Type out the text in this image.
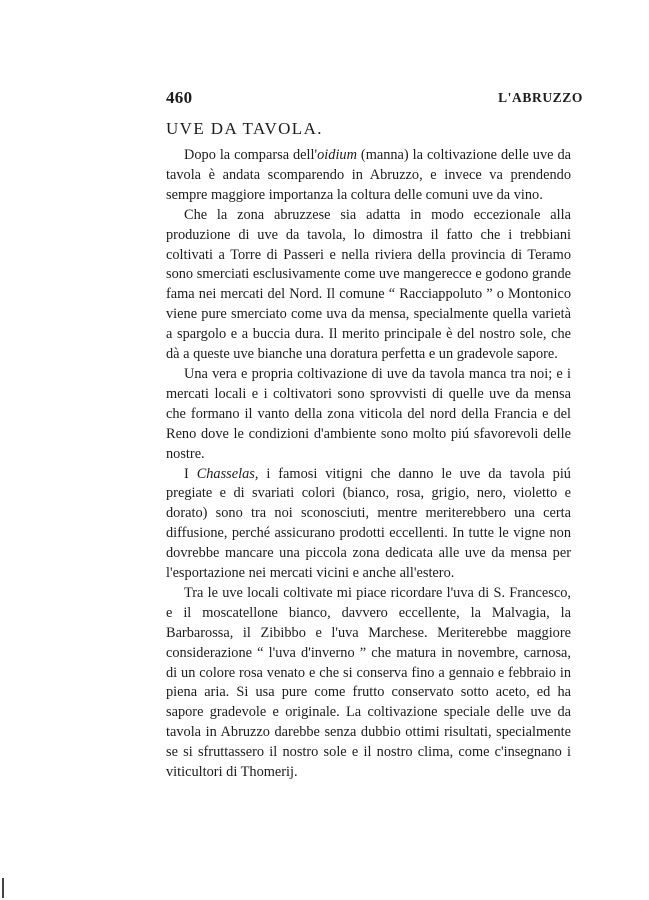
460	L'ABRUZZO
UVE DA TAVOLA.

Dopo la comparsa dell'oidium (manna) la coltivazione delle uve da tavola è andata scomparendo in Abruzzo, e invece va prendendo sempre maggiore importanza la coltura delle comuni uve da vino.

Che la zona abruzzese sia adatta in modo eccezionale alla produzione di uve da tavola, lo dimostra il fatto che i trebbiani coltivati a Torre di Passeri e nella riviera della provincia di Teramo sono smerciati esclusivamente come uve mangerecce e godono grande fama nei mercati del Nord. Il comune “ Racciappoluto ” o Montonico viene pure smerciato come uva da mensa, specialmente quella varietà a spargolo e a buccia dura. Il merito principale è del nostro sole, che dà a queste uve bianche una doratura perfetta e un gradevole sapore.

Una vera e propria coltivazione di uve da tavola manca tra noi; e i mercati locali e i coltivatori sono sprovvisti di quelle uve da mensa che formano il vanto della zona viticola del nord della Francia e del Reno dove le condizioni d'ambiente sono molto piú sfavorevoli delle nostre.

I Chasselas, i famosi vitigni che danno le uve da tavola piú pregiate e di svariati colori (bianco, rosa, grigio, nero, violetto e dorato) sono tra noi sconosciuti, mentre meriterebbero una certa diffusione, perché assicurano prodotti eccellenti. In tutte le vigne non dovrebbe mancare una piccola zona dedicata alle uve da mensa per l'esportazione nei mercati vicini e anche all'estero.

Tra le uve locali coltivate mi piace ricordare l'uva di S. Francesco, e il moscatellone bianco, davvero eccellente, la Malvagia, la Barbarossa, il Zibibbo e l'uva Marchese. Meriterebbe maggiore considerazione “ l'uva d'inverno ” che matura in novembre, carnosa, di un colore rosa venato e che si conserva fino a gennaio e febbraio in piena aria. Si usa pure come frutto conservato sotto aceto, ed ha sapore gradevole e originale. La coltivazione speciale delle uve da tavola in Abruzzo darebbe senza dubbio ottimi risultati, specialmente se si sfruttassero il nostro sole e il nostro clima, come c'insegnano i viticultori di Thomerij.
